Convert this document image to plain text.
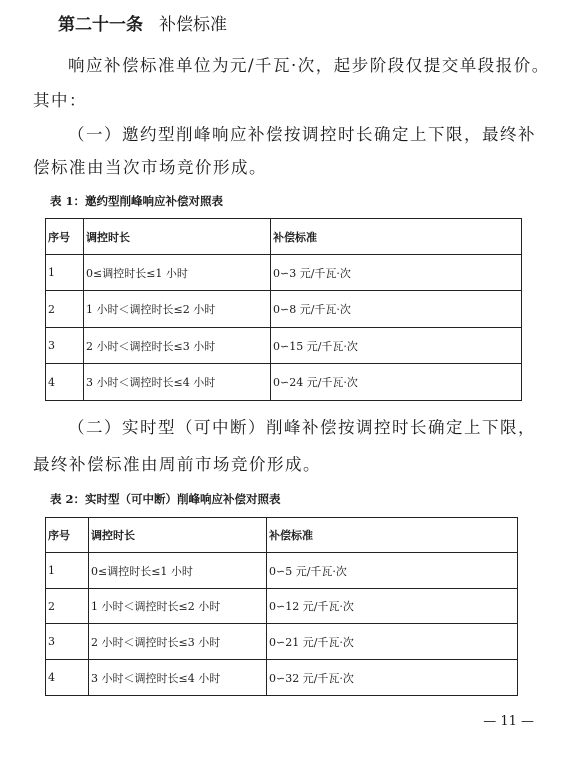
第二十一条 补偿标准
响应补偿标准单位为元/千瓦·次，起步阶段仅提交单段报价。
其中：
（一）邀约型削峰响应补偿按调控时长确定上下限，最终补
偿标准由当次市场竞价形成。
表 1：邀约型削峰响应补偿对照表
序号	调控时长	补偿标准
1	0≤调控时长≤1 小时	0∽3 元/千瓦·次
2	1 小时＜调控时长≤2 小时	0∽8 元/千瓦·次
3	2 小时＜调控时长≤3 小时	0∽15 元/千瓦·次
4	3 小时＜调控时长≤4 小时	0∽24 元/千瓦·次
（二）实时型（可中断）削峰补偿按调控时长确定上下限，
最终补偿标准由周前市场竞价形成。
表 2：实时型（可中断）削峰响应补偿对照表
序号	调控时长	补偿标准
1	0≤调控时长≤1 小时	0∽5 元/千瓦·次
2	1 小时＜调控时长≤2 小时	0∽12 元/千瓦·次
3	2 小时＜调控时长≤3 小时	0∽21 元/千瓦·次
4	3 小时＜调控时长≤4 小时	0∽32 元/千瓦·次
— 11 —
